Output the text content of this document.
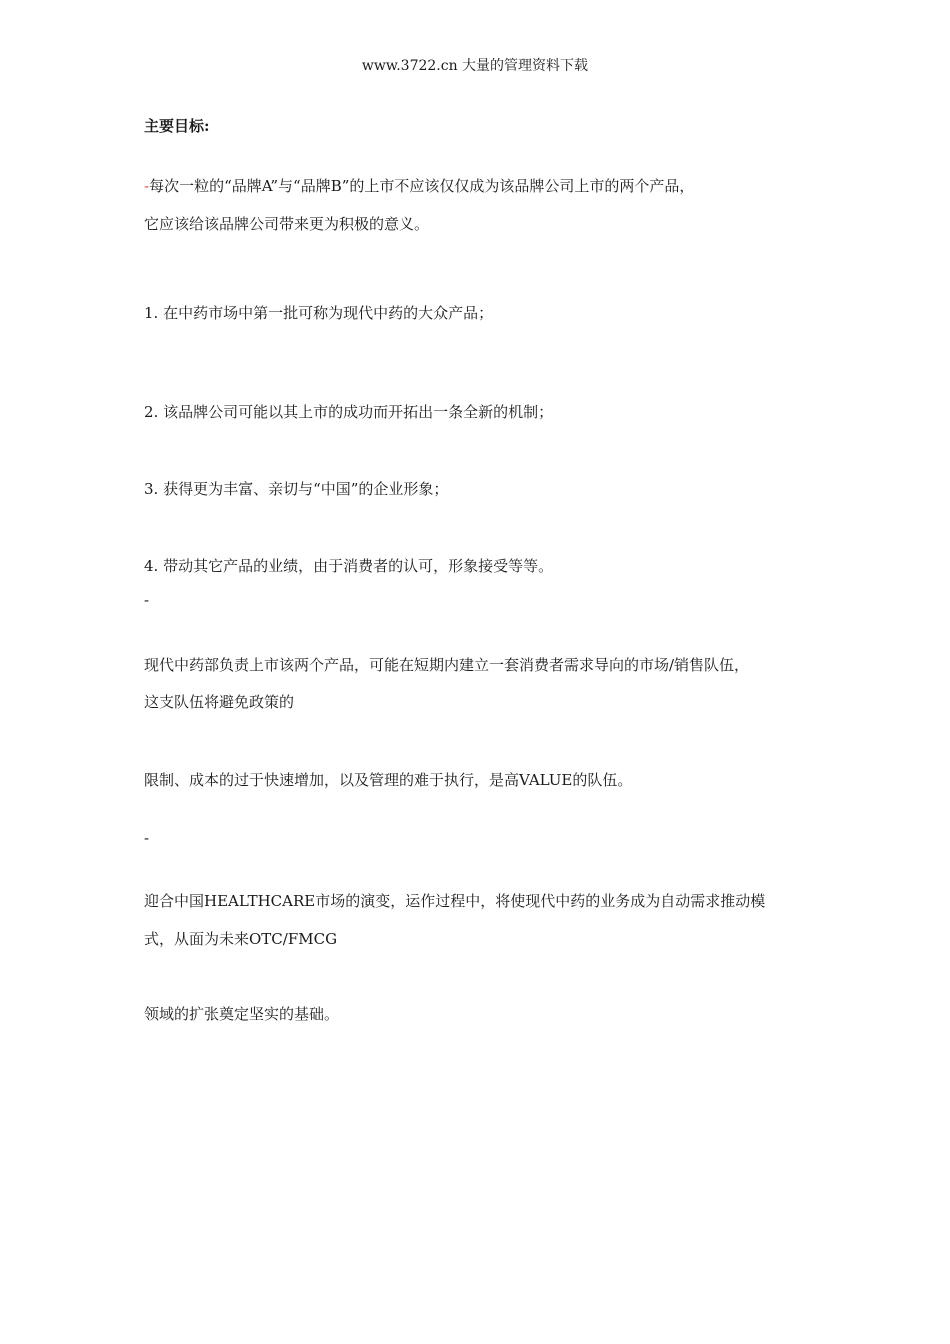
www.3722.cn 大量的管理资料下载
主要目标:
-每次一粒的“品牌A”与“品牌B”的上市不应该仅仅成为该品牌公司上市的两个产品，
它应该给该品牌公司带来更为积极的意义。
1. 在中药市场中第一批可称为现代中药的大众产品；
2. 该品牌公司可能以其上市的成功而开拓出一条全新的机制；
3. 获得更为丰富、亲切与“中国”的企业形象；
4. 带动其它产品的业绩，由于消费者的认可，形象接受等等。
-
现代中药部负责上市该两个产品，可能在短期内建立一套消费者需求导向的市场/销售队伍，
这支队伍将避免政策的
限制、成本的过于快速增加，以及管理的难于执行，是高VALUE的队伍。
-
迎合中国HEALTHCARE市场的演变，运作过程中，将使现代中药的业务成为自动需求推动模
式，从面为未来OTC/FMCG
领域的扩张奠定坚实的基础。
